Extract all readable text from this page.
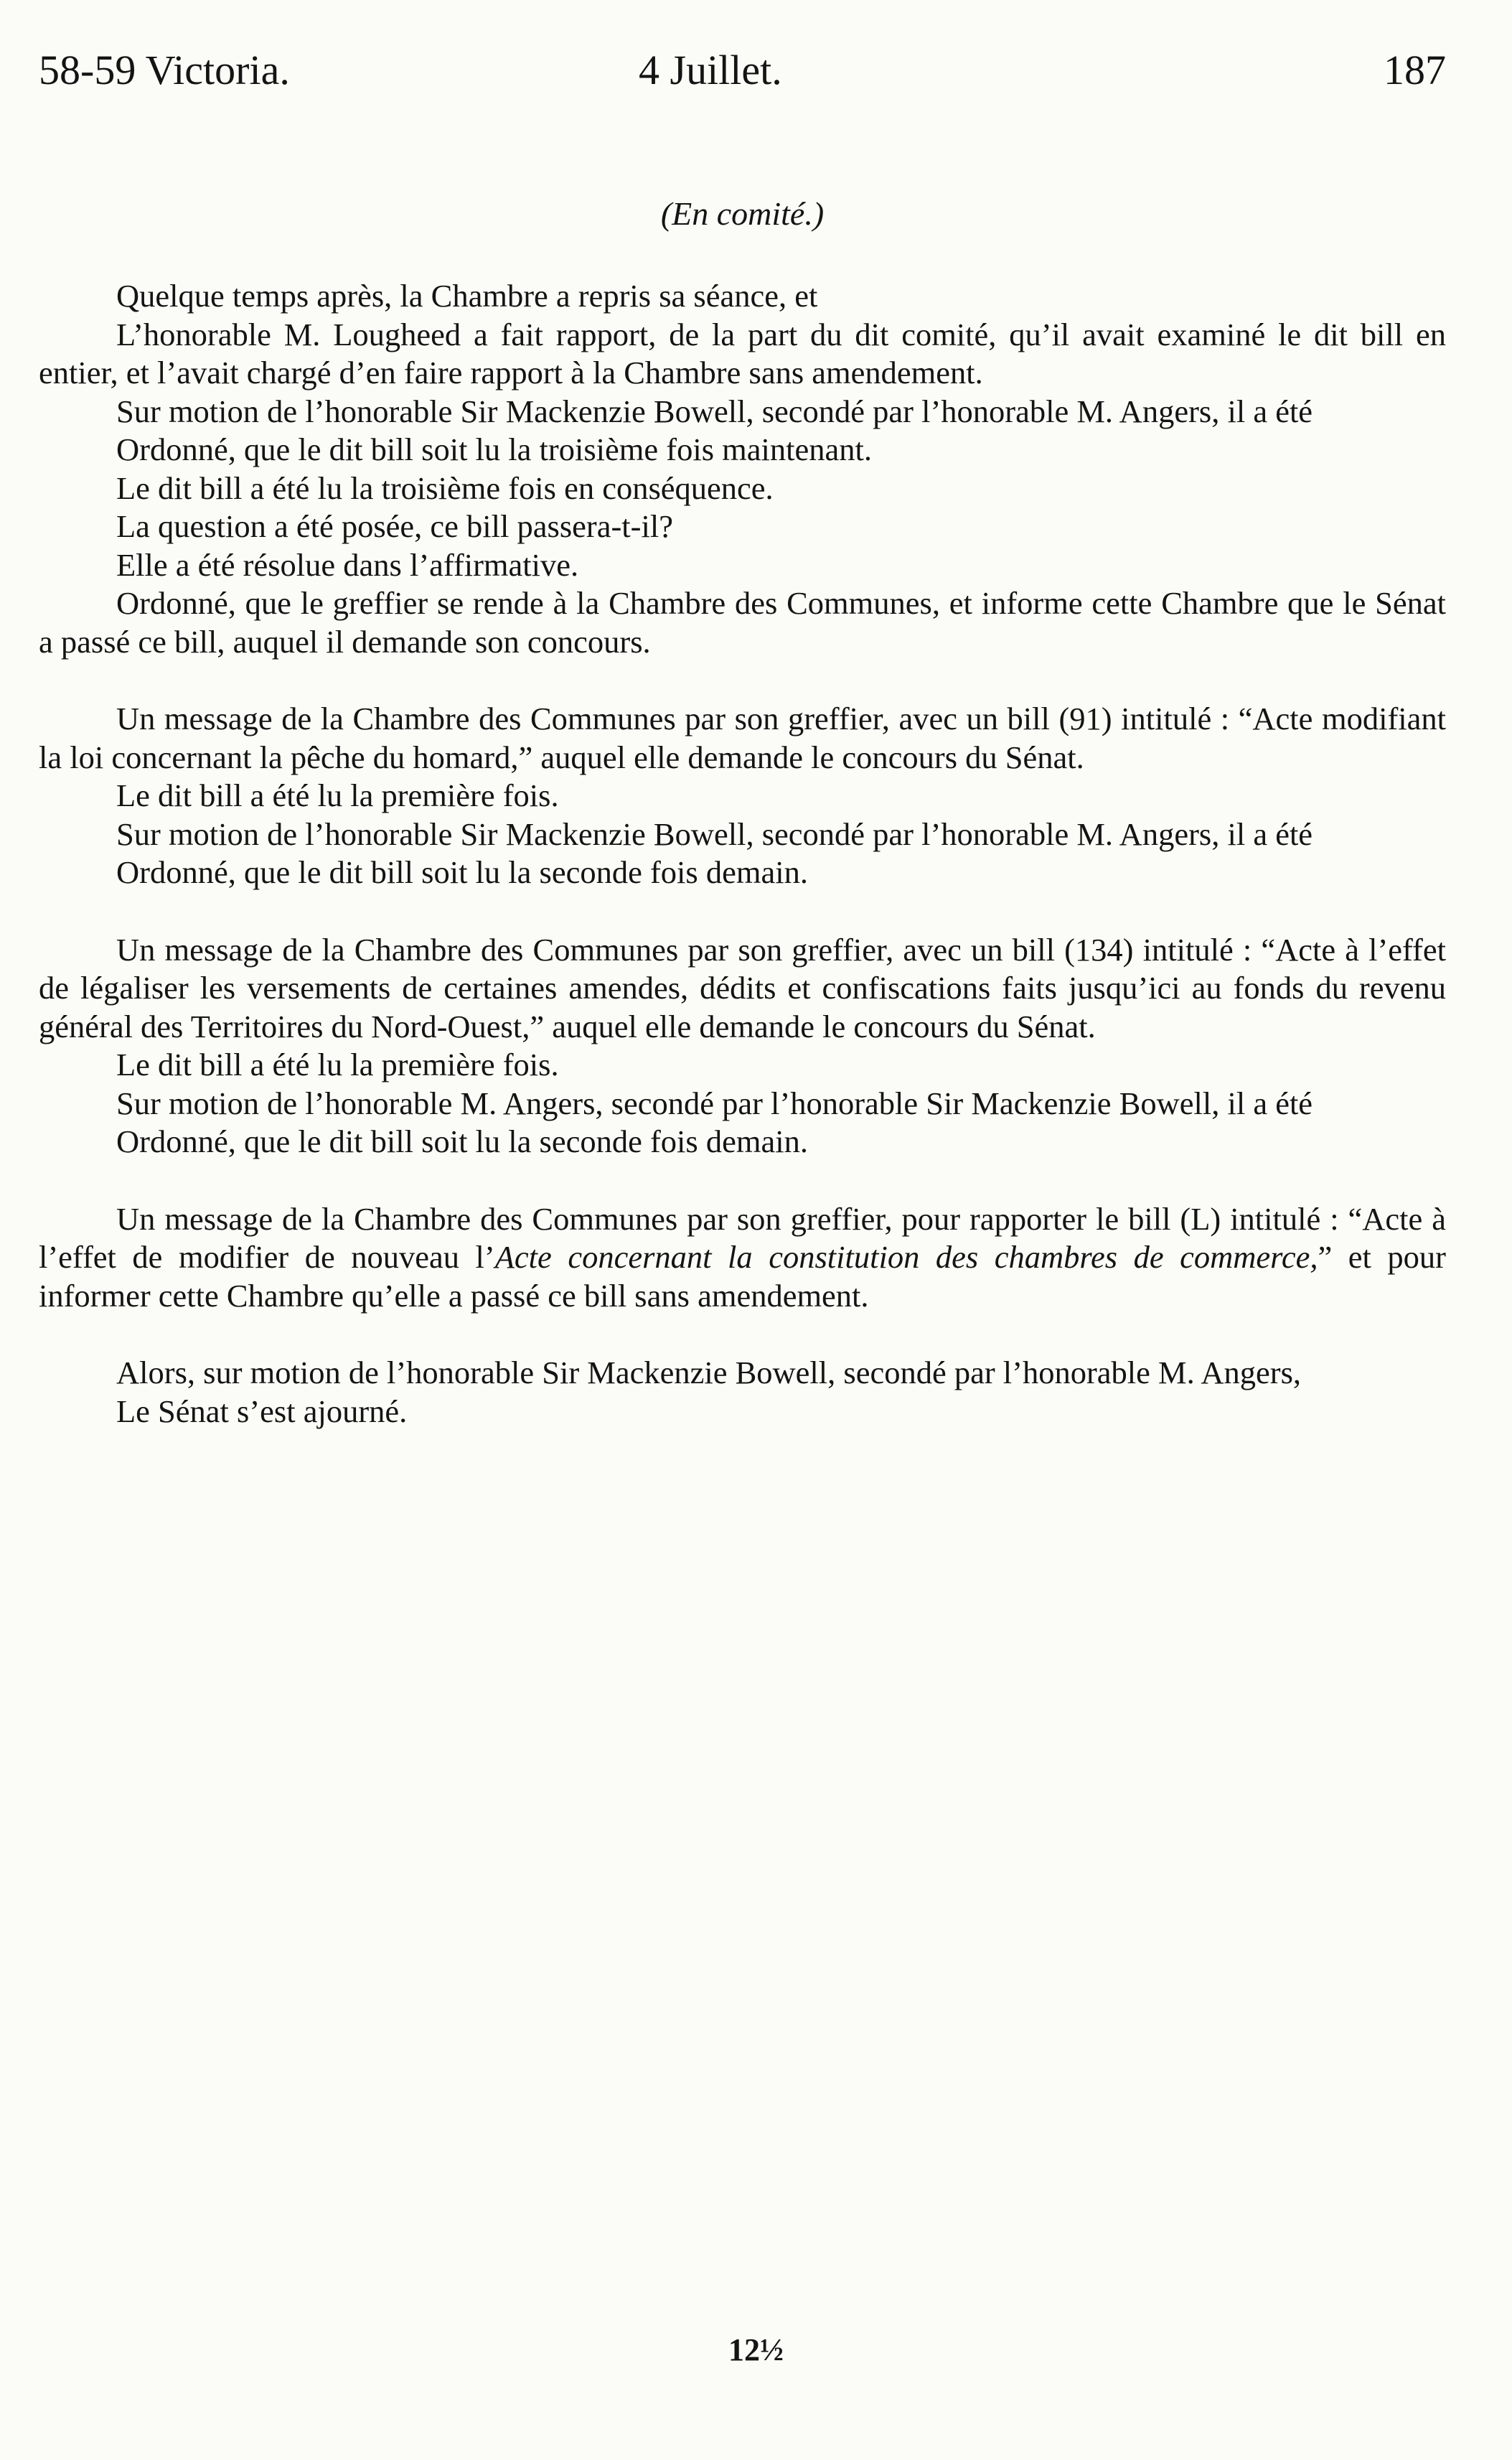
58-59 Victoria.	4 Juillet.	187
(En comité.)

Quelque temps après, la Chambre a repris sa séance, et

L’honorable M. Lougheed a fait rapport, de la part du dit comité, qu’il avait examiné le dit bill en entier, et l’avait chargé d’en faire rapport à la Chambre sans amendement.

Sur motion de l’honorable Sir Mackenzie Bowell, secondé par l’honorable M. Angers, il a été

Ordonné, que le dit bill soit lu la troisième fois maintenant.

Le dit bill a été lu la troisième fois en conséquence.

La question a été posée, ce bill passera-t-il?

Elle a été résolue dans l’affirmative.

Ordonné, que le greffier se rende à la Chambre des Communes, et informe cette Chambre que le Sénat a passé ce bill, auquel il demande son concours.

Un message de la Chambre des Communes par son greffier, avec un bill (91) intitulé : “Acte modifiant la loi concernant la pêche du homard,” auquel elle demande le concours du Sénat.

Le dit bill a été lu la première fois.

Sur motion de l’honorable Sir Mackenzie Bowell, secondé par l’honorable M. Angers, il a été

Ordonné, que le dit bill soit lu la seconde fois demain.

Un message de la Chambre des Communes par son greffier, avec un bill (134) intitulé : “Acte à l’effet de légaliser les versements de certaines amendes, dédits et confiscations faits jusqu’ici au fonds du revenu général des Territoires du Nord-Ouest,” auquel elle demande le concours du Sénat.

Le dit bill a été lu la première fois.

Sur motion de l’honorable M. Angers, secondé par l’honorable Sir Mackenzie Bowell, il a été

Ordonné, que le dit bill soit lu la seconde fois demain.

Un message de la Chambre des Communes par son greffier, pour rapporter le bill (L) intitulé : “Acte à l’effet de modifier de nouveau l’Acte concernant la constitution des chambres de commerce,” et pour informer cette Chambre qu’elle a passé ce bill sans amendement.

Alors, sur motion de l’honorable Sir Mackenzie Bowell, secondé par l’honorable M. Angers,

Le Sénat s’est ajourné.

12½
